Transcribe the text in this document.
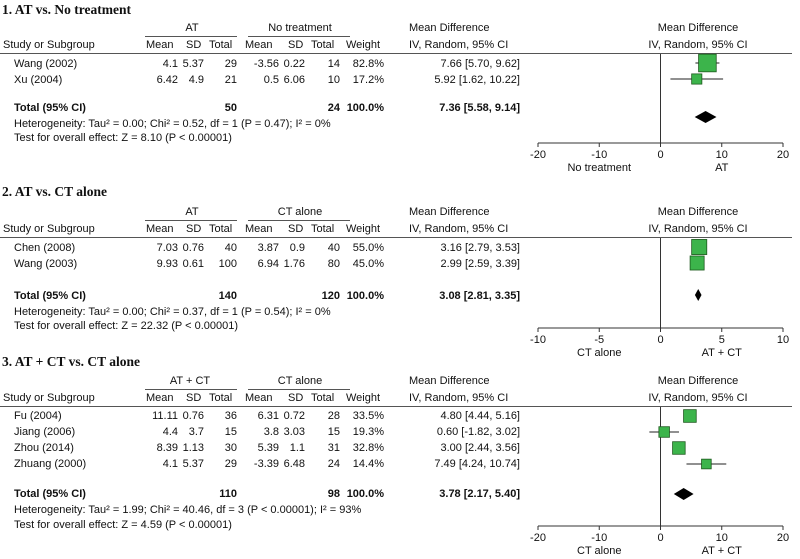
1. AT vs. No treatment
AT	No treatment	Mean Difference	Mean Difference
Study or Subgroup	Mean SD Total Mean SD Total Weight	IV, Random, 95% CI	IV, Random, 95% CI
Wang (2002)	4.1 5.37	29	-3.56 0.22	14	82.8%	7.66 [5.70, 9.62]
Xu (2004)	6.42 4.9	21	0.5 6.06	10	17.2%	5.92 [1.62, 10.22]
Total (95% CI)	50	24 100.0%	7.36 [5.58, 9.14]
Heterogeneity: Tau² = 0.00; Chi² = 0.52, df = 1 (P = 0.47); I² = 0%
Test for overall effect: Z = 8.10 (P < 0.00001)
-20	-10	0	10	20
No treatment	AT
2. AT vs. CT alone
AT	CT alone	Mean Difference	Mean Difference
Study or Subgroup	Mean SD Total Mean SD Total Weight	IV, Random, 95% CI	IV, Random, 95% CI
Chen (2008)	7.03 0.76	40	3.87 0.9	40	55.0%	3.16 [2.79, 3.53]
Wang (2003)	9.93 0.61	100	6.94 1.76	80	45.0%	2.99 [2.59, 3.39]
Total (95% CI)	140	120 100.0%	3.08 [2.81, 3.35]
Heterogeneity: Tau² = 0.00; Chi² = 0.37, df = 1 (P = 0.54); I² = 0%
Test for overall effect: Z = 22.32 (P < 0.00001)
-10	-5	0	5	10
CT alone	AT + CT
3. AT + CT vs. CT alone
AT + CT	CT alone	Mean Difference	Mean Difference
Study or Subgroup	Mean SD Total Mean SD Total Weight	IV, Random, 95% CI	IV, Random, 95% CI
Fu (2004)	11.11 0.76	36	6.31 0.72	28	33.5%	4.80 [4.44, 5.16]
Jiang (2006)	4.4 3.7	15	3.8 3.03	15	19.3%	0.60 [-1.82, 3.02]
Zhou (2014)	8.39 1.13	30	5.39 1.1	31	32.8%	3.00 [2.44, 3.56]
Zhuang (2000)	4.1 5.37	29	-3.39 6.48	24	14.4%	7.49 [4.24, 10.74]
Total (95% CI)	110	98 100.0%	3.78 [2.17, 5.40]
Heterogeneity: Tau² = 1.99; Chi² = 40.46, df = 3 (P < 0.00001); I² = 93%
Test for overall effect: Z = 4.59 (P < 0.00001)
-20	-10	0	10	20
CT alone	AT + CT
